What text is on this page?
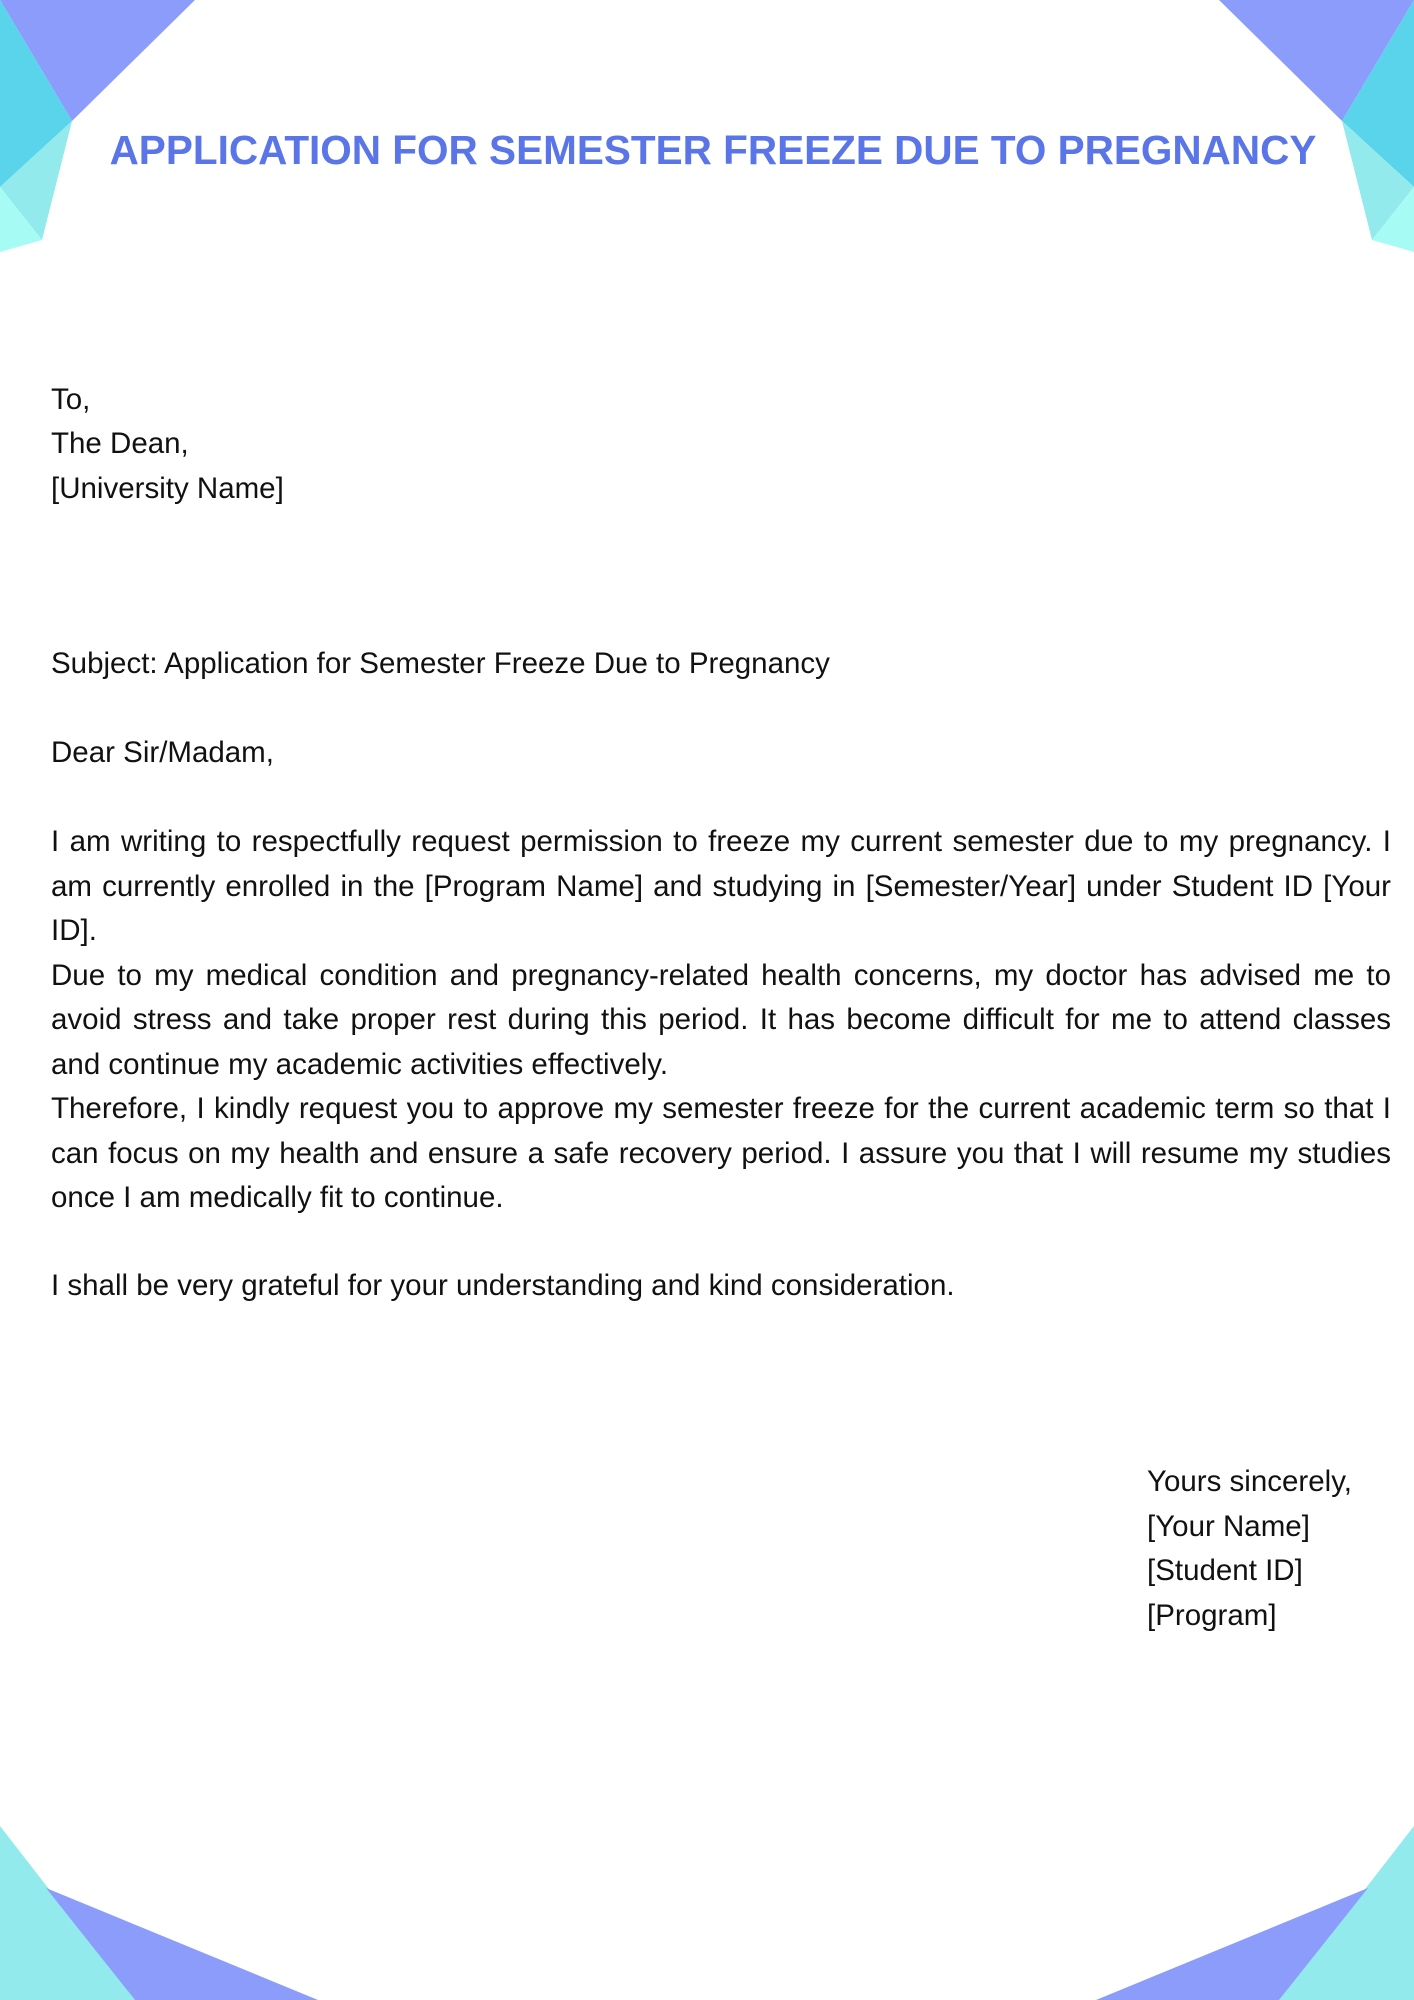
APPLICATION FOR SEMESTER FREEZE DUE TO PREGNANCY
To,
The Dean,
[University Name]
Subject: Application for Semester Freeze Due to Pregnancy
Dear Sir/Madam,

I am writing to respectfully request permission to freeze my current semester due to my pregnancy. I am currently enrolled in the [Program Name] and studying in [Semester/Year] under Student ID [Your ID].

Due to my medical condition and pregnancy-related health concerns, my doctor has advised me to avoid stress and take proper rest during this period. It has become difficult for me to attend classes and continue my academic activities effectively.

Therefore, I kindly request you to approve my semester freeze for the current academic term so that I can focus on my health and ensure a safe recovery period. I assure you that I will resume my studies once I am medically fit to continue.

I shall be very grateful for your understanding and kind consideration.
Yours sincerely,
[Your Name]
[Student ID]
[Program]
